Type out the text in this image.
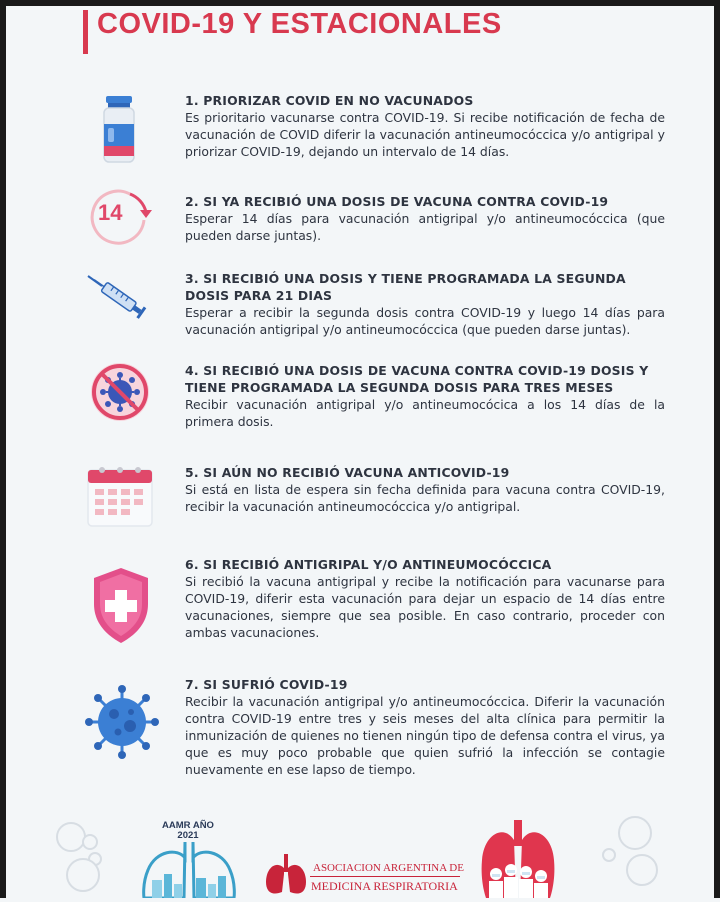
COVID-19 Y ESTACIONALES

1. PRIORIZAR COVID EN NO VACUNADOS

Es prioritario vacunarse contra COVID-19. Si recibe notificación de fecha de vacunación de COVID diferir la vacunación antineumocóccica y/o antigripal y priorizar COVID-19, dejando un intervalo de 14 días.

14	2. SI YA RECIBIÓ UNA DOSIS DE VACUNA CONTRA COVID-19

Esperar 14 días para vacunación antigripal y/o antineumocóccica (que pueden darse juntas).

3. SI RECIBIÓ UNA DOSIS Y TIENE PROGRAMADA LA SEGUNDA DOSIS PARA 21 DIAS

Esperar a recibir la segunda dosis contra COVID-19 y luego 14 días para vacunación antigripal y/o antineumocóccica (que pueden darse juntas).

4. SI RECIBIÓ UNA DOSIS DE VACUNA CONTRA COVID-19 DOSIS Y TIENE PROGRAMADA LA SEGUNDA DOSIS PARA TRES MESES

Recibir vacunación antigripal y/o antineumocócica a los 14 días de la primera dosis.

5. SI AÚN NO RECIBIÓ VACUNA ANTICOVID-19

Si está en lista de espera sin fecha definida para vacuna contra COVID-19, recibir la vacunación antineumocóccica y/o antigripal.

6. SI RECIBIÓ ANTIGRIPAL Y/O ANTINEUMOCÓCCICA

Si recibió la vacuna antigripal y recibe la notificación para vacunarse para COVID-19, diferir esta vacunación para dejar un espacio de 14 días entre vacunaciones, siempre que sea posible. En caso contrario, proceder con ambas vacunaciones.

7. SI SUFRIÓ COVID-19

Recibir la vacunación antigripal y/o antineumocóccica. Diferir la vacunación contra COVID-19 entre tres y seis meses del alta clínica para permitir la inmunización de quienes no tienen ningún tipo de defensa contra el virus, ya que es muy poco probable que quien sufrió la infección se contagie nuevamente en ese lapso de tiempo.

AAMR AÑO
2021
ASOCIACION ARGENTINA DE
MEDICINA RESPIRATORIA
